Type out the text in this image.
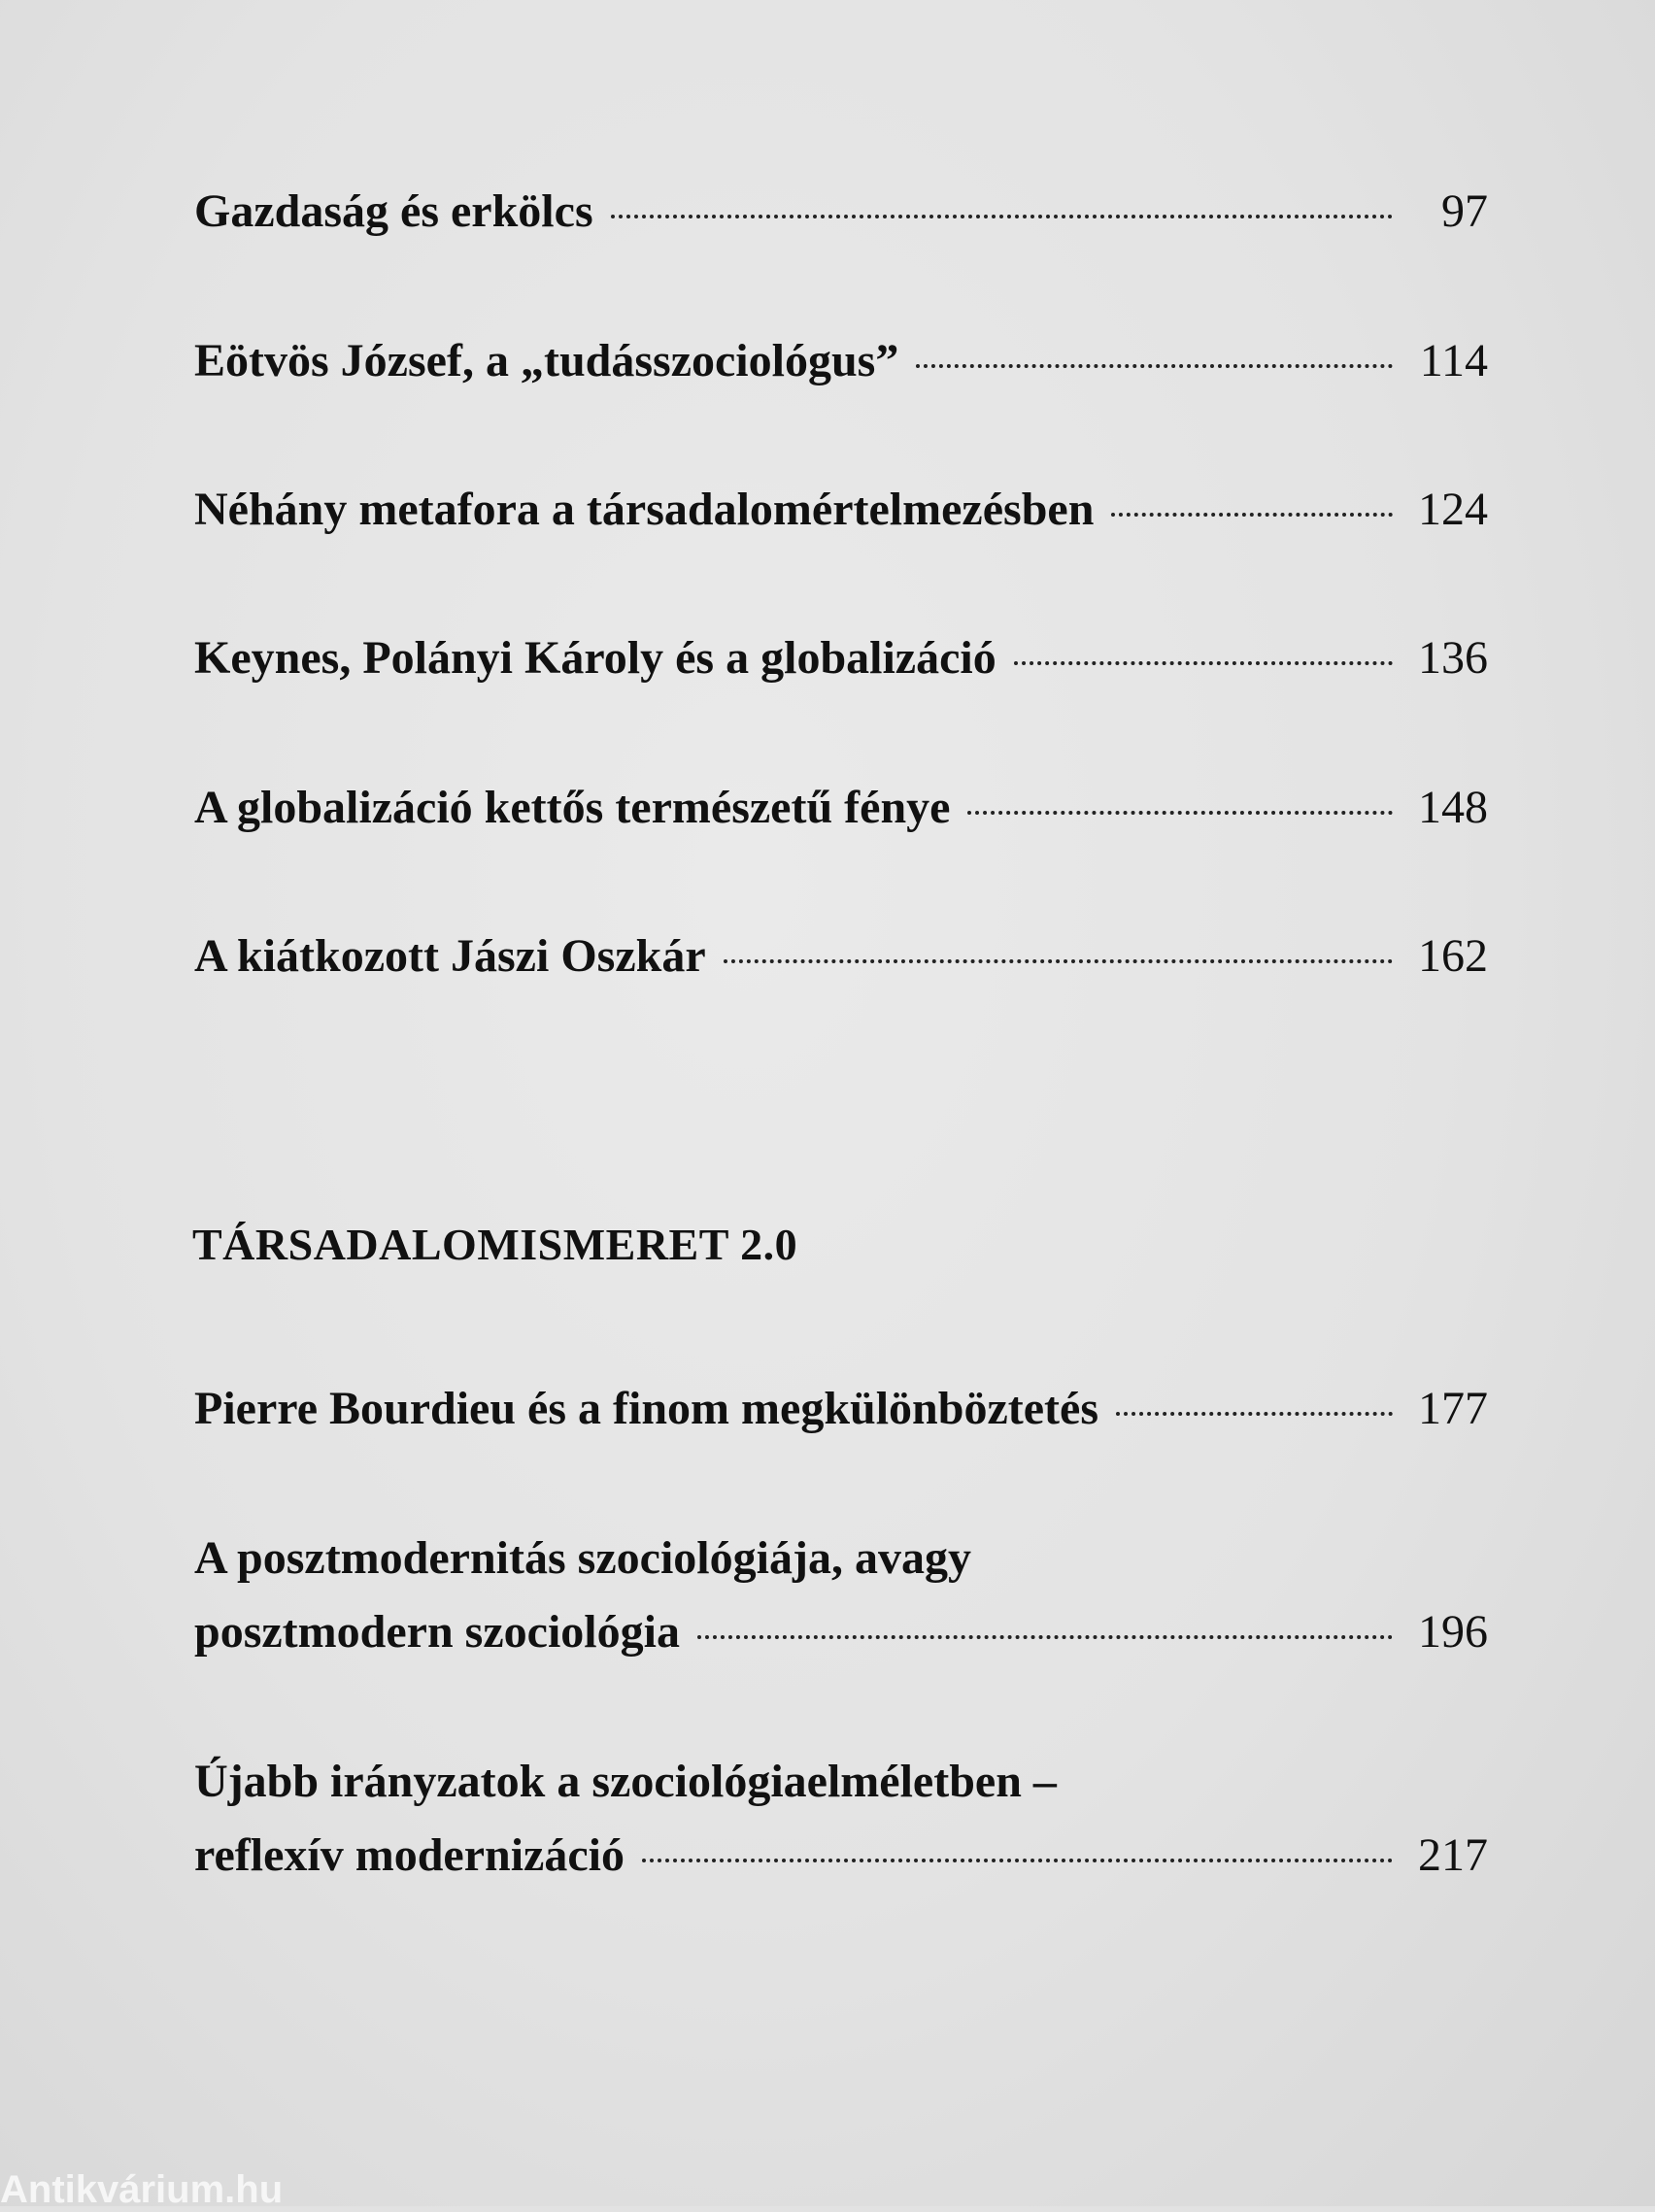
Gazdaság és erkölcs	97
Eötvös József, a „tudásszociológus”	114
Néhány metafora a társadalomértelmezésben	124
Keynes, Polányi Károly és a globalizáció	136
A globalizáció kettős természetű fénye	148
A kiátkozott Jászi Oszkár	162
TÁRSADALOMISMERET 2.0
Pierre Bourdieu és a finom megkülönböztetés	177
A posztmodernitás szociológiája, avagy
posztmodern szociológia	196
Újabb irányzatok a szociológiaelméletben –
reflexív modernizáció	217
Antikvárium.hu
